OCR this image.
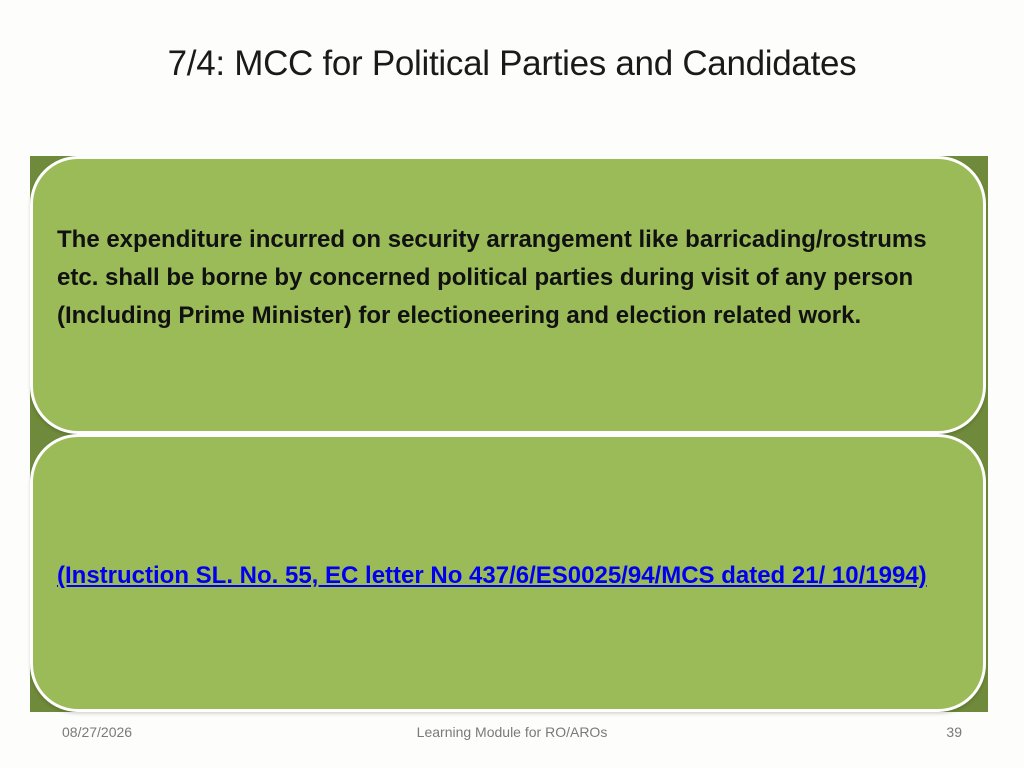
7/4: MCC for Political Parties and Candidates
The expenditure incurred on security arrangement like barricading/rostrums etc. shall be borne by concerned political parties during visit of any person (Including Prime Minister) for electioneering and election related work.
(Instruction SL. No. 55, EC letter No 437/6/ES0025/94/MCS dated 21/ 10/1994)
08/27/2026	Learning Module for RO/AROs	39
